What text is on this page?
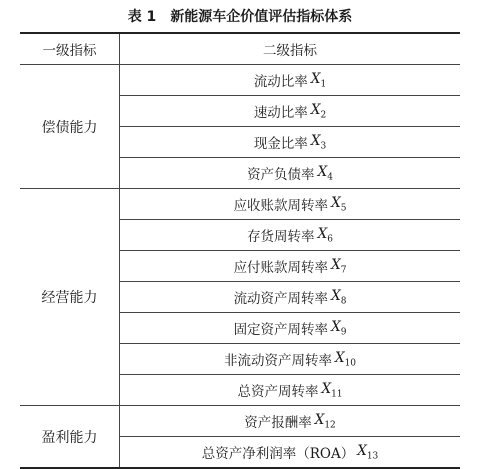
表 1 新能源车企价值评估指标体系
一级指标	二级指标
偿债能力
流动比率 $X_1$
速动比率 $X_2$
现金比率 $X_3$
资产负债率 $X_4$
经营能力
应收账款周转率 $X_5$
存货周转率 $X_6$
应付账款周转率 $X_7$
流动资产周转率 $X_8$
固定资产周转率 $X_9$
非流动资产周转率 $X_{10}$
总资产周转率 $X_{11}$
盈利能力
资产报酬率 $X_{12}$
总资产净利润率（ROA） $X_{13}$
